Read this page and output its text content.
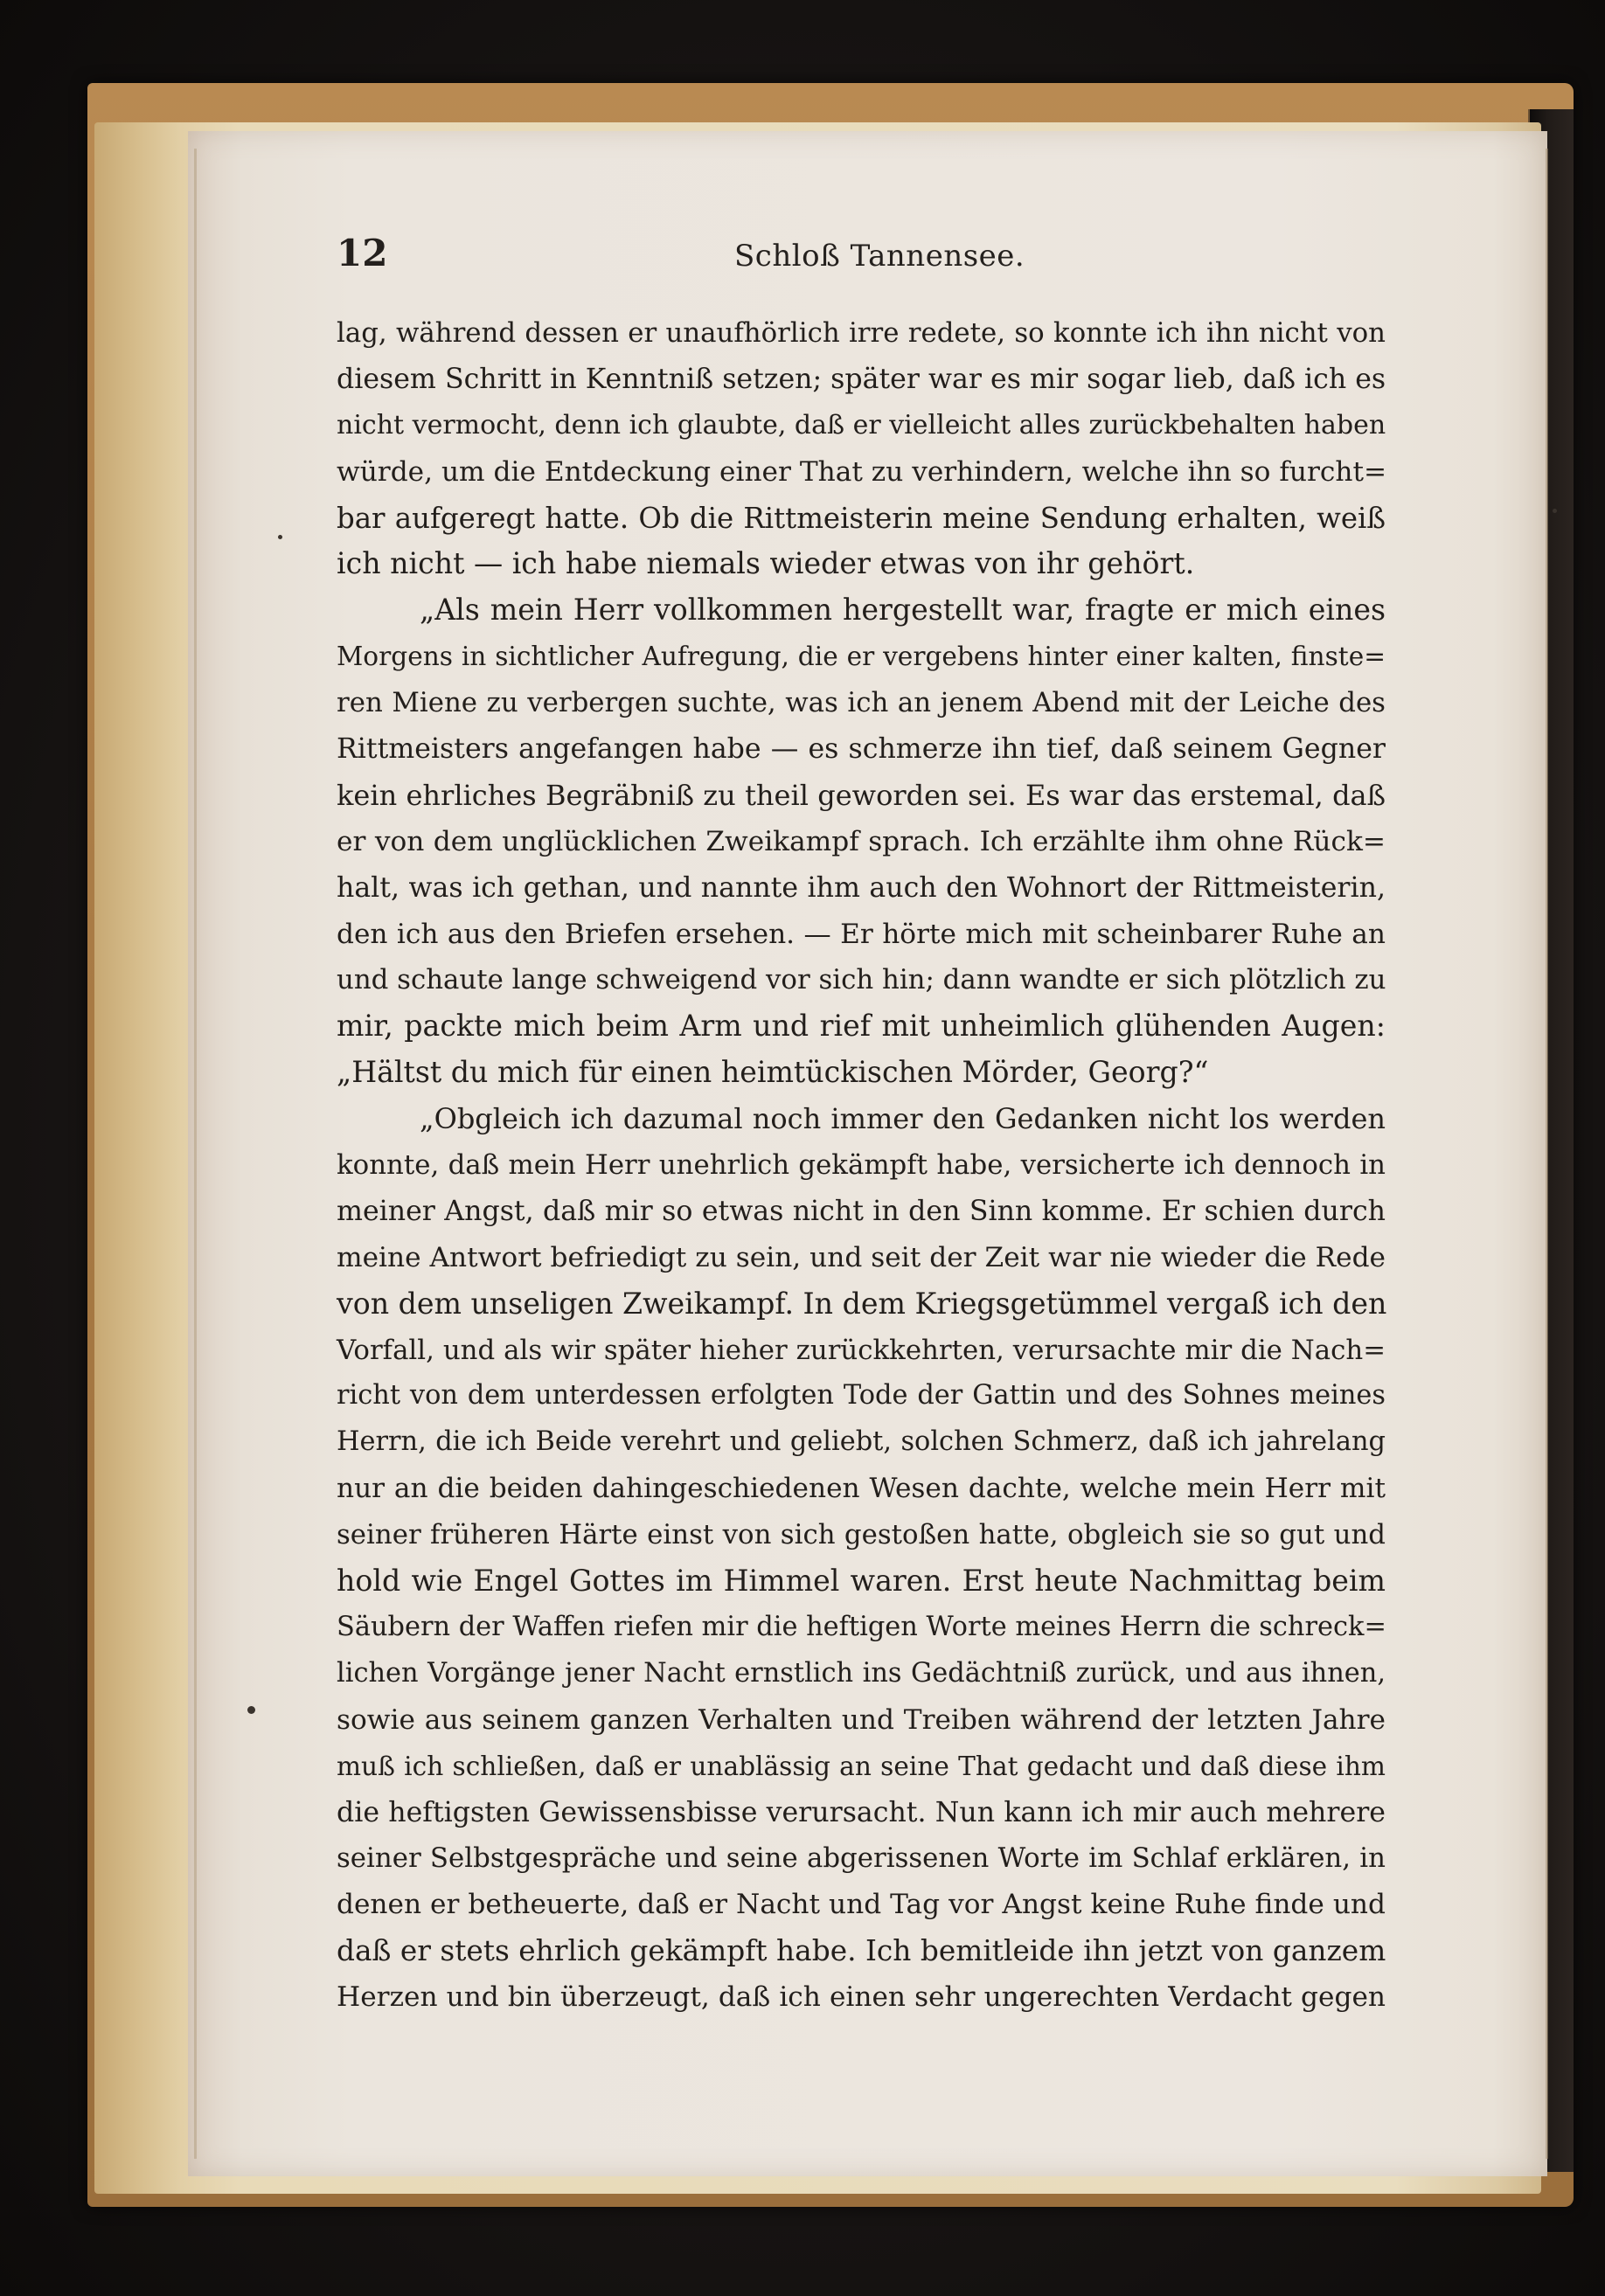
12	Schloß Tannensee.
lag, während dessen er unaufhörlich irre redete, so konnte ich ihn nicht von
diesem Schritt in Kenntniß setzen; später war es mir sogar lieb, daß ich es
nicht vermocht, denn ich glaubte, daß er vielleicht alles zurückbehalten haben
würde, um die Entdeckung einer That zu verhindern, welche ihn so furcht=
bar aufgeregt hatte. Ob die Rittmeisterin meine Sendung erhalten, weiß
ich nicht — ich habe niemals wieder etwas von ihr gehört.
„Als mein Herr vollkommen hergestellt war, fragte er mich eines
Morgens in sichtlicher Aufregung, die er vergebens hinter einer kalten, finste=
ren Miene zu verbergen suchte, was ich an jenem Abend mit der Leiche des
Rittmeisters angefangen habe — es schmerze ihn tief, daß seinem Gegner
kein ehrliches Begräbniß zu theil geworden sei. Es war das erstemal, daß
er von dem unglücklichen Zweikampf sprach. Ich erzählte ihm ohne Rück=
halt, was ich gethan, und nannte ihm auch den Wohnort der Rittmeisterin,
den ich aus den Briefen ersehen. — Er hörte mich mit scheinbarer Ruhe an
und schaute lange schweigend vor sich hin; dann wandte er sich plötzlich zu
mir, packte mich beim Arm und rief mit unheimlich glühenden Augen:
„Hältst du mich für einen heimtückischen Mörder, Georg?“
„Obgleich ich dazumal noch immer den Gedanken nicht los werden
konnte, daß mein Herr unehrlich gekämpft habe, versicherte ich dennoch in
meiner Angst, daß mir so etwas nicht in den Sinn komme. Er schien durch
meine Antwort befriedigt zu sein, und seit der Zeit war nie wieder die Rede
von dem unseligen Zweikampf. In dem Kriegsgetümmel vergaß ich den
Vorfall, und als wir später hieher zurückkehrten, verursachte mir die Nach=
richt von dem unterdessen erfolgten Tode der Gattin und des Sohnes meines
Herrn, die ich Beide verehrt und geliebt, solchen Schmerz, daß ich jahrelang
nur an die beiden dahingeschiedenen Wesen dachte, welche mein Herr mit
seiner früheren Härte einst von sich gestoßen hatte, obgleich sie so gut und
hold wie Engel Gottes im Himmel waren. Erst heute Nachmittag beim
Säubern der Waffen riefen mir die heftigen Worte meines Herrn die schreck=
lichen Vorgänge jener Nacht ernstlich ins Gedächtniß zurück, und aus ihnen,
sowie aus seinem ganzen Verhalten und Treiben während der letzten Jahre
muß ich schließen, daß er unablässig an seine That gedacht und daß diese ihm
die heftigsten Gewissensbisse verursacht. Nun kann ich mir auch mehrere
seiner Selbstgespräche und seine abgerissenen Worte im Schlaf erklären, in
denen er betheuerte, daß er Nacht und Tag vor Angst keine Ruhe finde und
daß er stets ehrlich gekämpft habe. Ich bemitleide ihn jetzt von ganzem
Herzen und bin überzeugt, daß ich einen sehr ungerechten Verdacht gegen
